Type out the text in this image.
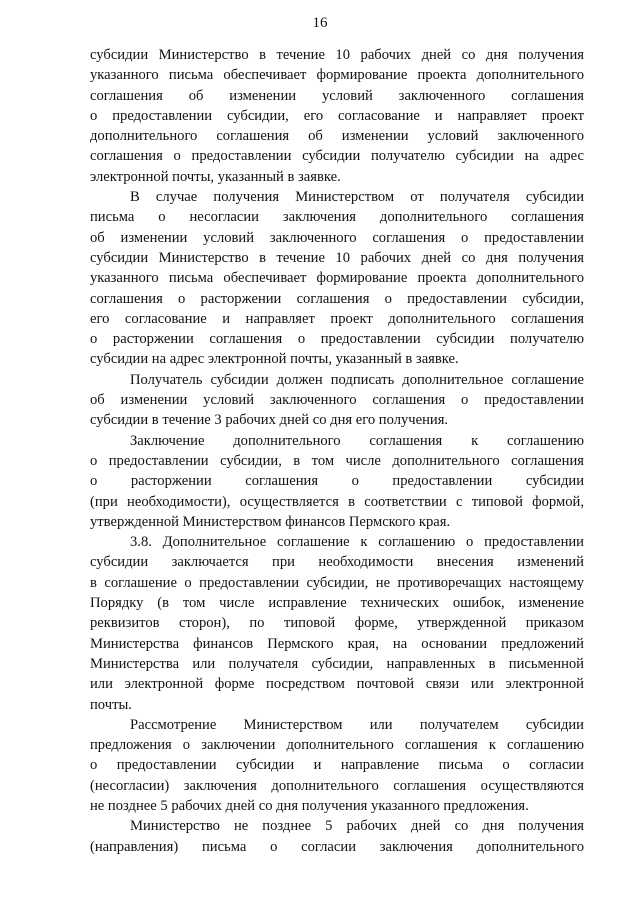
16
субсидии Министерство в течение 10 рабочих дней со дня получения
указанного письма обеспечивает формирование проекта дополнительного
соглашения об изменении условий заключенного соглашения
о предоставлении субсидии, его согласование и направляет проект
дополнительного соглашения об изменении условий заключенного
соглашения о предоставлении субсидии получателю субсидии на адрес
электронной почты, указанный в заявке.
В случае получения Министерством от получателя субсидии
письма о несогласии заключения дополнительного соглашения
об изменении условий заключенного соглашения о предоставлении
субсидии Министерство в течение 10 рабочих дней со дня получения
указанного письма обеспечивает формирование проекта дополнительного
соглашения о расторжении соглашения о предоставлении субсидии,
его согласование и направляет проект дополнительного соглашения
о расторжении соглашения о предоставлении субсидии получателю
субсидии на адрес электронной почты, указанный в заявке.
Получатель субсидии должен подписать дополнительное соглашение
об изменении условий заключенного соглашения о предоставлении
субсидии в течение 3 рабочих дней со дня его получения.
Заключение дополнительного соглашения к соглашению
о предоставлении субсидии, в том числе дополнительного соглашения
о расторжении соглашения о предоставлении субсидии
(при необходимости), осуществляется в соответствии с типовой формой,
утвержденной Министерством финансов Пермского края.
3.8. Дополнительное соглашение к соглашению о предоставлении
субсидии заключается при необходимости внесения изменений
в соглашение о предоставлении субсидии, не противоречащих настоящему
Порядку (в том числе исправление технических ошибок, изменение
реквизитов сторон), по типовой форме, утвержденной приказом
Министерства финансов Пермского края, на основании предложений
Министерства или получателя субсидии, направленных в письменной
или электронной форме посредством почтовой связи или электронной
почты.
Рассмотрение Министерством или получателем субсидии
предложения о заключении дополнительного соглашения к соглашению
о предоставлении субсидии и направление письма о согласии
(несогласии) заключения дополнительного соглашения осуществляются
не позднее 5 рабочих дней со дня получения указанного предложения.
Министерство не позднее 5 рабочих дней со дня получения
(направления) письма о согласии заключения дополнительного
